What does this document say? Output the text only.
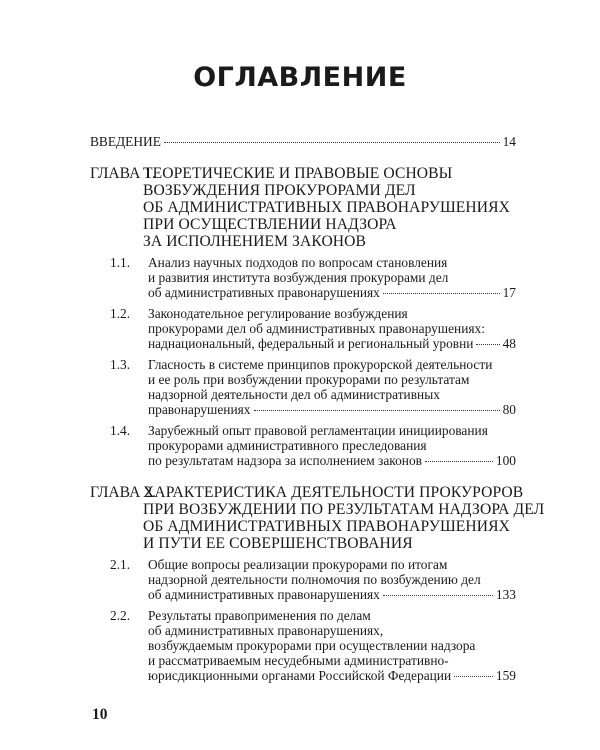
ОГЛАВЛЕНИЕ
ВВЕДЕНИЕ	14
ГЛАВА 1.
ТЕОРЕТИЧЕСКИЕ И ПРАВОВЫЕ ОСНОВЫ
ВОЗБУЖДЕНИЯ ПРОКУРОРАМИ ДЕЛ
ОБ АДМИНИСТРАТИВНЫХ ПРАВОНАРУШЕНИЯХ
ПРИ ОСУЩЕСТВЛЕНИИ НАДЗОРА
ЗА ИСПОЛНЕНИЕМ ЗАКОНОВ
1.1. Анализ научных подходов по вопросам становления
и развития института возбуждения прокурорами дел
об административных правонарушениях	17
1.2. Законодательное регулирование возбуждения
прокурорами дел об административных правонарушениях:
наднациональный, федеральный и региональный уровни 48
1.3. Гласность в системе принципов прокурорской деятельности
и ее роль при возбуждении прокурорами по результатам
надзорной деятельности дел об административных
правонарушениях	80
1.4. Зарубежный опыт правовой регламентации инициирования
прокурорами административного преследования
по результатам надзора за исполнением законов	100
ГЛАВА 2.
ХАРАКТЕРИСТИКА ДЕЯТЕЛЬНОСТИ ПРОКУРОРОВ
ПРИ ВОЗБУЖДЕНИИ ПО РЕЗУЛЬТАТАМ НАДЗОРА ДЕЛ
ОБ АДМИНИСТРАТИВНЫХ ПРАВОНАРУШЕНИЯХ
И ПУТИ ЕЕ СОВЕРШЕНСТВОВАНИЯ
2.1. Общие вопросы реализации прокурорами по итогам
надзорной деятельности полномочия по возбуждению дел
об административных правонарушениях	133
2.2. Результаты правоприменения по делам
об административных правонарушениях,
возбуждаемым прокурорами при осуществлении надзора
и рассматриваемым несудебными административно-
юрисдикционными органами Российской Федерации	159
10
